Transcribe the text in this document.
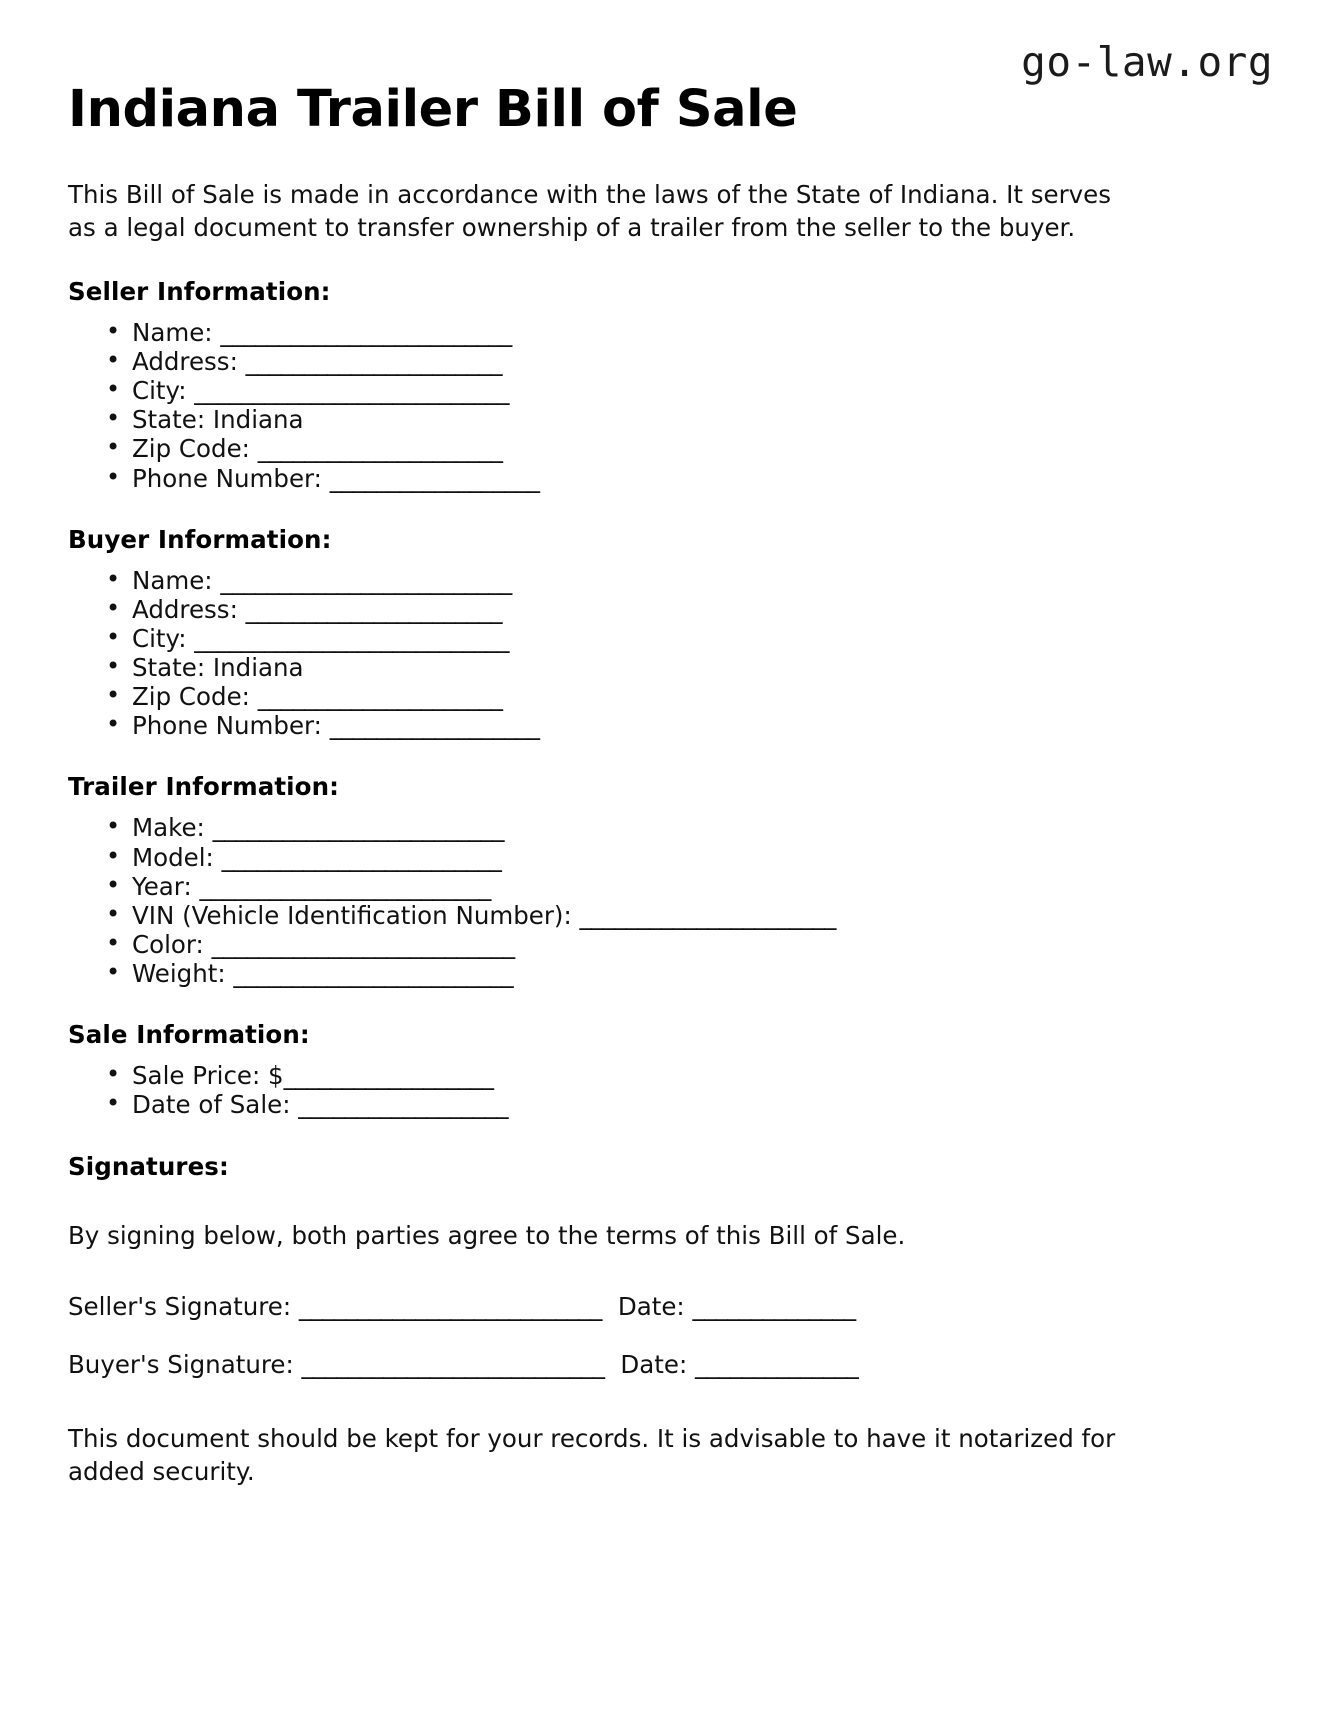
go-law.org
Indiana Trailer Bill of Sale

This Bill of Sale is made in accordance with the laws of the State of Indiana. It serves as a legal document to transfer ownership of a trailer from the seller to the buyer.

Seller Information:
• Name: _________________________
• Address: ______________________
• City: ___________________________
• State: Indiana
• Zip Code: _____________________
• Phone Number: __________________
Buyer Information:
• Name: _________________________
• Address: ______________________
• City: ___________________________
• State: Indiana
• Zip Code: _____________________
• Phone Number: __________________
Trailer Information:
• Make: _________________________
• Model: ________________________
• Year: _________________________
• VIN (Vehicle Identification Number): ______________________
• Color: __________________________
• Weight: ________________________
Sale Information:
• Sale Price: $__________________
• Date of Sale: __________________
Signatures:

By signing below, both parties agree to the terms of this Bill of Sale.

Seller's Signature: __________________________ Date: ______________
Buyer's Signature: __________________________ Date: ______________

This document should be kept for your records. It is advisable to have it notarized for added security.
